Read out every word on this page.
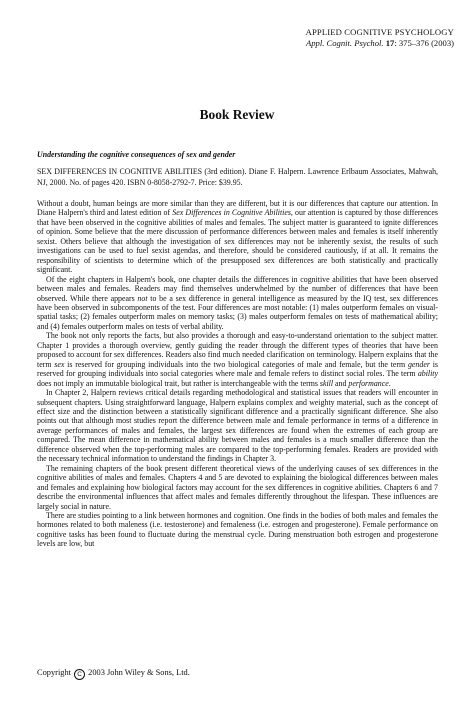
APPLIED COGNITIVE PSYCHOLOGY
Appl. Cognit. Psychol. 17: 375–376 (2003)
Book Review
Understanding the cognitive consequences of sex and gender
SEX DIFFERENCES IN COGNITIVE ABILITIES (3rd edition). Diane F. Halpern. Lawrence Erlbaum Associates, Mahwah, NJ, 2000. No. of pages 420. ISBN 0-8058-2792-7. Price: $39.95.

Without a doubt, human beings are more similar than they are different, but it is our differences that capture our attention. In Diane Halpern's third and latest edition of Sex Differences in Cognitive Abilities, our attention is captured by those differences that have been observed in the cognitive abilities of males and females. The subject matter is guaranteed to ignite differences of opinion. Some believe that the mere discussion of performance differences between males and females is itself inherently sexist. Others believe that although the investigation of sex differences may not be inherently sexist, the results of such investigations can be used to fuel sexist agendas, and therefore, should be considered cautiously, if at all. It remains the responsibility of scientists to determine which of the presupposed sex differences are both statistically and practically significant.

Of the eight chapters in Halpern's book, one chapter details the differences in cognitive abilities that have been observed between males and females. Readers may find themselves underwhelmed by the number of differences that have been observed. While there appears not to be a sex difference in general intelligence as measured by the IQ test, sex differences have been observed in subcomponents of the test. Four differences are most notable: (1) males outperform females on visual-spatial tasks; (2) females outperform males on memory tasks; (3) males outperform females on tests of mathematical ability; and (4) females outperform males on tests of verbal ability.

The book not only reports the facts, but also provides a thorough and easy-to-understand orientation to the subject matter. Chapter 1 provides a thorough overview, gently guiding the reader through the different types of theories that have been proposed to account for sex differences. Readers also find much needed clarification on terminology. Halpern explains that the term sex is reserved for grouping individuals into the two biological categories of male and female, but the term gender is reserved for grouping individuals into social categories where male and female refers to distinct social roles. The term ability does not imply an immutable biological trait, but rather is interchangeable with the terms skill and performance.

In Chapter 2, Halpern reviews critical details regarding methodological and statistical issues that readers will encounter in subsequent chapters. Using straightforward language, Halpern explains complex and weighty material, such as the concept of effect size and the distinction between a statistically significant difference and a practically significant difference. She also points out that although most studies report the difference between male and female performance in terms of a difference in average performances of males and females, the largest sex differences are found when the extremes of each group are compared. The mean difference in mathematical ability between males and females is a much smaller difference than the difference observed when the top-performing males are compared to the top-performing females. Readers are provided with the necessary technical information to understand the findings in Chapter 3.

The remaining chapters of the book present different theoretical views of the underlying causes of sex differences in the cognitive abilities of males and females. Chapters 4 and 5 are devoted to explaining the biological differences between males and females and explaining how biological factors may account for the sex differences in cognitive abilities. Chapters 6 and 7 describe the environmental influences that affect males and females differently throughout the lifespan. These influences are largely social in nature.

There are studies pointing to a link between hormones and cognition. One finds in the bodies of both males and females the hormones related to both maleness (i.e. testosterone) and femaleness (i.e. estrogen and progesterone). Female performance on cognitive tasks has been found to fluctuate during the menstrual cycle. During menstruation both estrogen and progesterone levels are low, but

Copyright C 2003 John Wiley & Sons, Ltd.
